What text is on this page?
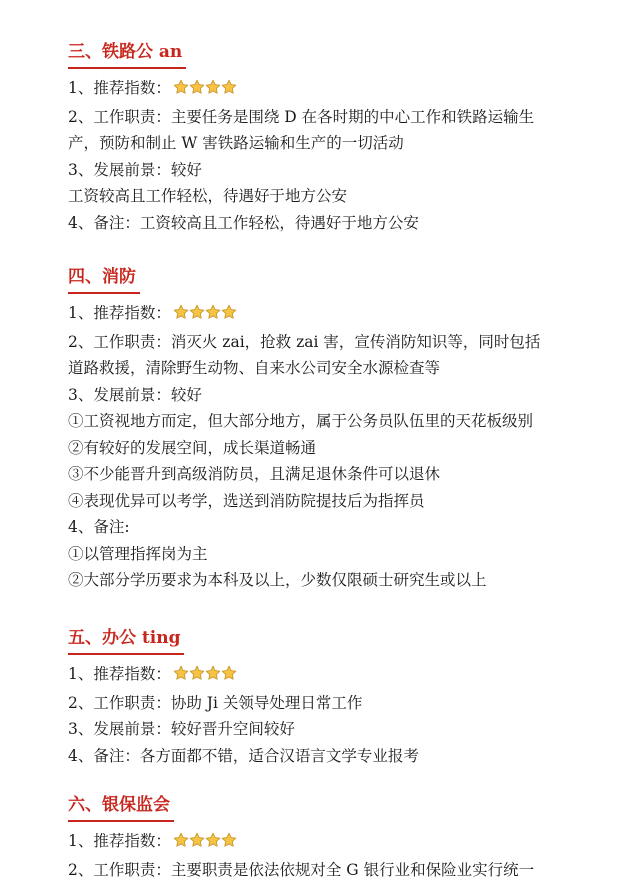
三、铁路公 an
1、推荐指数：
2、工作职责：主要任务是围绕 D 在各时期的中心工作和铁路运输生
产，预防和制止 W 害铁路运输和生产的一切活动
3、发展前景：较好
工资较高且工作轻松，待遇好于地方公安
4、备注：工资较高且工作轻松，待遇好于地方公安
四、消防
1、推荐指数：
2、工作职责：消灭火 zai，抢救 zai 害，宣传消防知识等，同时包括
道路救援，清除野生动物、自来水公司安全水源检查等
3、发展前景：较好
①工资视地方而定，但大部分地方，属于公务员队伍里的天花板级别
②有较好的发展空间，成长渠道畅通
③不少能晋升到高级消防员，且满足退休条件可以退休
④表现优异可以考学，选送到消防院提技后为指挥员
4、备注:
①以管理指挥岗为主
②大部分学历要求为本科及以上，少数仅限硕士研究生或以上
五、办公 ting
1、推荐指数：
2、工作职责：协助 Ji 关领导处理日常工作
3、发展前景：较好晋升空间较好
4、备注：各方面都不错，适合汉语言文学专业报考
六、银保监会
1、推荐指数：
2、工作职责：主要职责是依法依规对全 G 银行业和保险业实行统一
